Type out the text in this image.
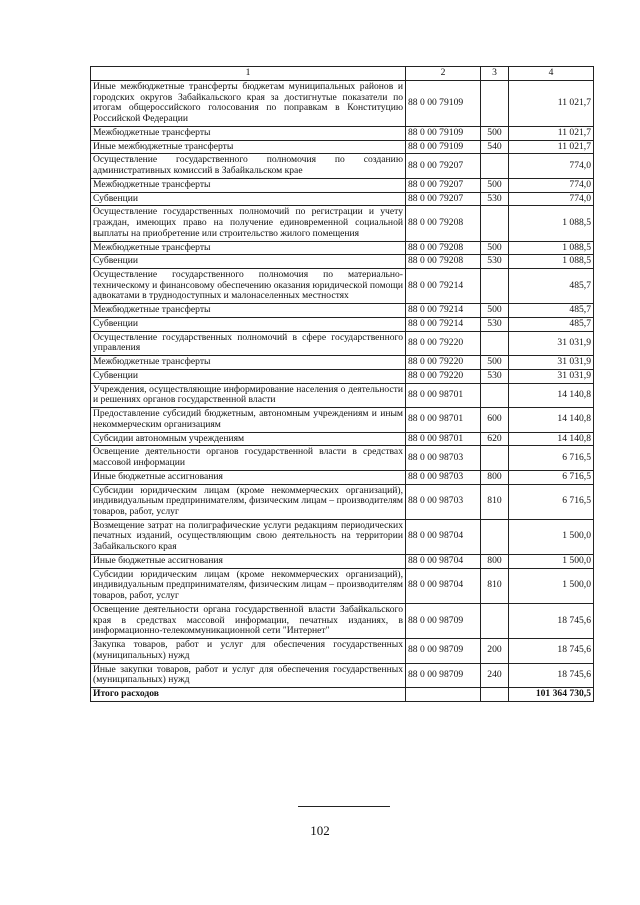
1	2	3	4
Иные межбюджетные трансферты бюджетам муниципальных районов и городских округов Забайкальского края за достигнутые показатели по итогам общероссийского голосования по поправкам в Конституцию Российской Федерации	88 0 00 79109		11 021,7
Межбюджетные трансферты	88 0 00 79109	500	11 021,7
Иные межбюджетные трансферты	88 0 00 79109	540	11 021,7
Осуществление государственного полномочия по созданию административных комиссий в Забайкальском крае	88 0 00 79207		774,0
Межбюджетные трансферты	88 0 00 79207	500	774,0
Субвенции	88 0 00 79207	530	774,0
Осуществление государственных полномочий по регистрации и учету граждан, имеющих право на получение единовременной социальной выплаты на приобретение или строительство жилого помещения	88 0 00 79208		1 088,5
Межбюджетные трансферты	88 0 00 79208	500	1 088,5
Субвенции	88 0 00 79208	530	1 088,5
Осуществление государственного полномочия по материально-техническому и финансовому обеспечению оказания юридической помощи адвокатами в труднодоступных и малонаселенных местностях	88 0 00 79214		485,7
Межбюджетные трансферты	88 0 00 79214	500	485,7
Субвенции	88 0 00 79214	530	485,7
Осуществление государственных полномочий в сфере государственного управления	88 0 00 79220		31 031,9
Межбюджетные трансферты	88 0 00 79220	500	31 031,9
Субвенции	88 0 00 79220	530	31 031,9
Учреждения, осуществляющие информирование населения о деятельности и решениях органов государственной власти	88 0 00 98701		14 140,8
Предоставление субсидий бюджетным, автономным учреждениям и иным некоммерческим организациям	88 0 00 98701	600	14 140,8
Субсидии автономным учреждениям	88 0 00 98701	620	14 140,8
Освещение деятельности органов государственной власти в средствах массовой информации	88 0 00 98703		6 716,5
Иные бюджетные ассигнования	88 0 00 98703	800	6 716,5
Субсидии юридическим лицам (кроме некоммерческих организаций), индивидуальным предпринимателям, физическим лицам – производителям товаров, работ, услуг	88 0 00 98703	810	6 716,5
Возмещение затрат на полиграфические услуги редакциям периодических печатных изданий, осуществляющим свою деятельность на территории Забайкальского края	88 0 00 98704		1 500,0
Иные бюджетные ассигнования	88 0 00 98704	800	1 500,0
Субсидии юридическим лицам (кроме некоммерческих организаций), индивидуальным предпринимателям, физическим лицам – производителям товаров, работ, услуг	88 0 00 98704	810	1 500,0
Освещение деятельности органа государственной власти Забайкальского края в средствах массовой информации, печатных изданиях, в информационно-телекоммуникационной сети "Интернет"	88 0 00 98709		18 745,6
Закупка товаров, работ и услуг для обеспечения государственных (муниципальных) нужд	88 0 00 98709	200	18 745,6
Иные закупки товаров, работ и услуг для обеспечения государственных (муниципальных) нужд	88 0 00 98709	240	18 745,6
Итого расходов			101 364 730,5
102
